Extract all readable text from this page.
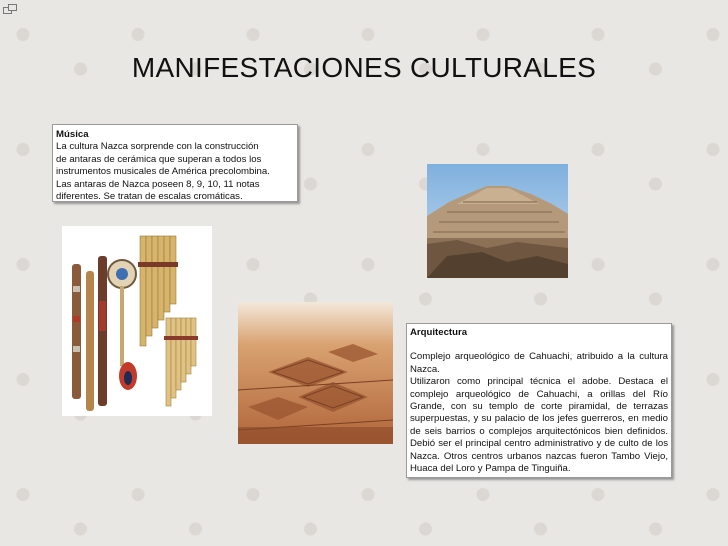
MANIFESTACIONES CULTURALES
Música
La cultura Nazca sorprende con la construcción
de antaras de cerámica que superan a todos los
instrumentos musicales de América precolombina.
Las antaras de Nazca poseen 8, 9, 10, 11 notas
diferentes. Se tratan de escalas cromáticas.
Arquitectura

Complejo arqueológico de Cahuachi, atribuido a la cultura Nazca.

Utilizaron como principal técnica el adobe. Destaca el complejo arqueológico de Cahuachi, a orillas del Río Grande, con su templo de corte piramidal, de terrazas superpuestas, y su palacio de los jefes guerreros, en medio de seis barrios o complejos arquitectónicos bien definidos. Debió ser el principal centro administrativo y de culto de los Nazca. Otros centros urbanos nazcas fueron Tambo Viejo, Huaca del Loro y Pampa de Tinguiña.
